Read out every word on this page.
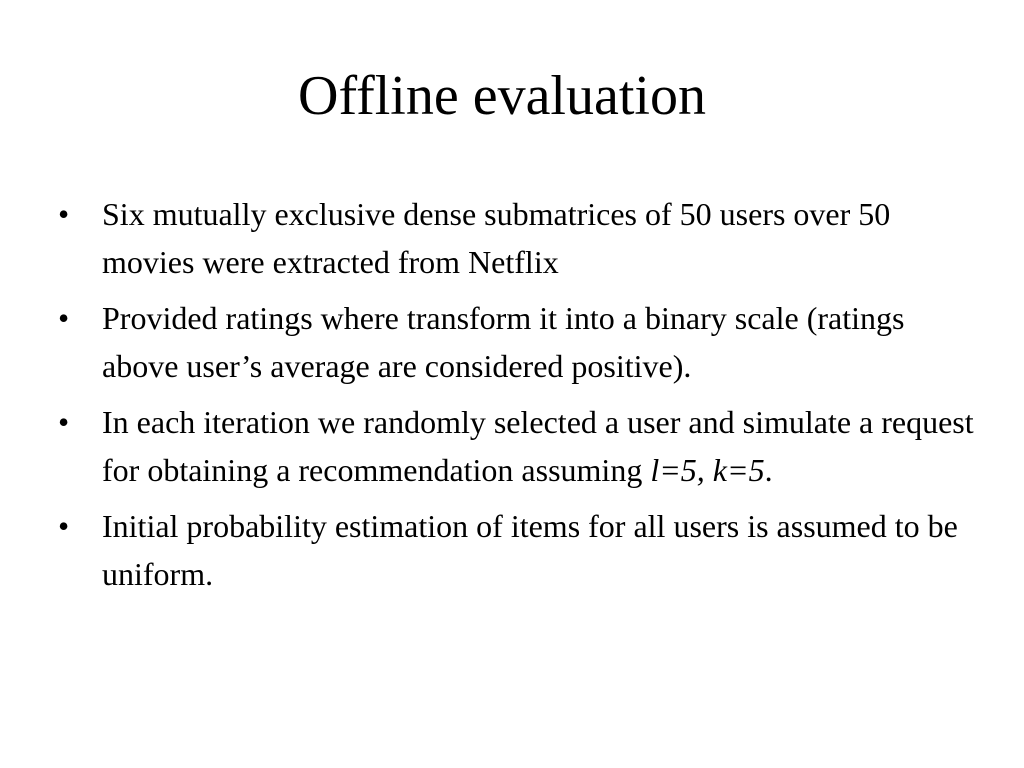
Offline evaluation
•	Six mutually exclusive dense submatrices of 50 users over 50 movies were extracted from Netflix
•	Provided ratings where transform it into a binary scale (ratings above user’s average are considered positive).
•	In each iteration we randomly selected a user and simulate a request for obtaining a recommendation assuming l=5, k=5.
•	Initial probability estimation of items for all users is assumed to be uniform.
